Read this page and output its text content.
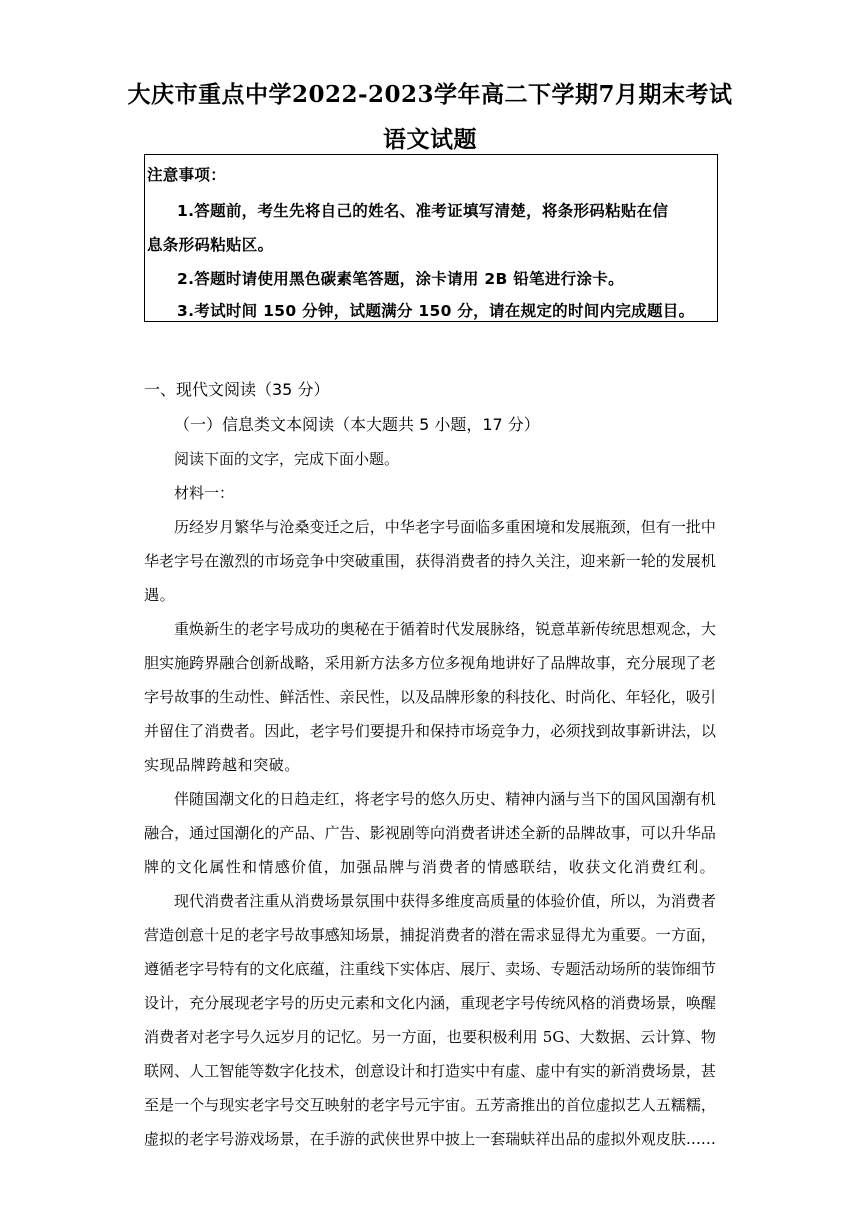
大庆市重点中学2022-2023学年高二下学期7月期末考试
语文试题
注意事项：
1.答题前，考生先将自己的姓名、准考证填写清楚，将条形码粘贴在信
息条形码粘贴区。
2.答题时请使用黑色碳素笔答题，涂卡请用 2B 铅笔进行涂卡。
3.考试时间 150 分钟，试题满分 150 分，请在规定的时间内完成题目。
一、现代文阅读（35 分）
（一）信息类文本阅读（本大题共 5 小题，17 分）
阅读下面的文字，完成下面小题。
材料一：
历经岁月繁华与沧桑变迁之后，中华老字号面临多重困境和发展瓶颈，但有一批中
华老字号在激烈的市场竞争中突破重围，获得消费者的持久关注，迎来新一轮的发展机
遇。
重焕新生的老字号成功的奥秘在于循着时代发展脉络，锐意革新传统思想观念，大
胆实施跨界融合创新战略，采用新方法多方位多视角地讲好了品牌故事，充分展现了老
字号故事的生动性、鲜活性、亲民性，以及品牌形象的科技化、时尚化、年轻化，吸引
并留住了消费者。因此，老字号们要提升和保持市场竞争力，必须找到故事新讲法，以
实现品牌跨越和突破。
伴随国潮文化的日趋走红，将老字号的悠久历史、精神内涵与当下的国风国潮有机
融合，通过国潮化的产品、广告、影视剧等向消费者讲述全新的品牌故事，可以升华品
牌的文化属性和情感价值，加强品牌与消费者的情感联结，收获文化消费红利。
现代消费者注重从消费场景氛围中获得多维度高质量的体验价值，所以，为消费者
营造创意十足的老字号故事感知场景，捕捉消费者的潜在需求显得尤为重要。一方面，
遵循老字号特有的文化底蕴，注重线下实体店、展厅、卖场、专题活动场所的装饰细节
设计，充分展现老字号的历史元素和文化内涵，重现老字号传统风格的消费场景，唤醒
消费者对老字号久远岁月的记忆。另一方面，也要积极利用 5G、大数据、云计算、物
联网、人工智能等数字化技术，创意设计和打造实中有虚、虚中有实的新消费场景，甚
至是一个与现实老字号交互映射的老字号元宇宙。五芳斋推出的首位虚拟艺人五糯糯，
虚拟的老字号游戏场景，在手游的武侠世界中披上一套瑞蚨祥出品的虚拟外观皮肤……
